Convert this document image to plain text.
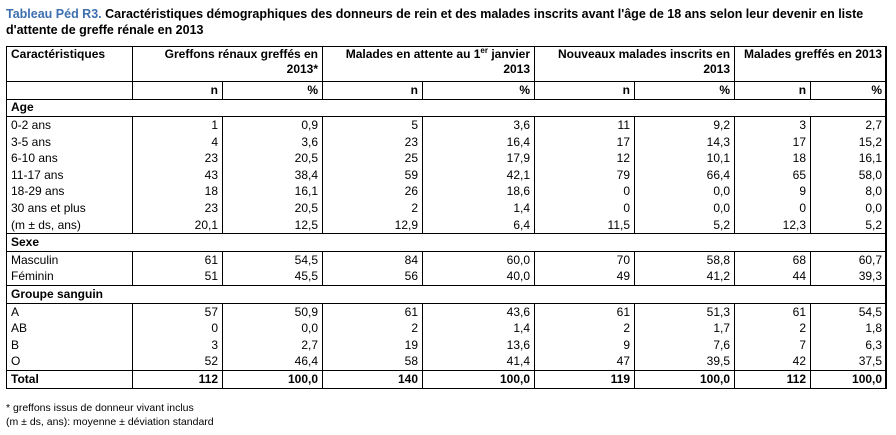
Tableau Péd R3. Caractéristiques démographiques des donneurs de rein et des malades inscrits avant l'âge de 18 ans selon leur devenir en liste d'attente de greffe rénale en 2013
Caractéristiques	Greffons rénaux greffés en 2013*		Malades en attente au 1er janvier 2013		Nouveaux malades inscrits en 2013		Malades greffés en 2013	
	n	%	n	%	n	%	n	%
Age								
0-2 ans	1	0,9	5	3,6	11	9,2	3	2,7
3-5 ans	4	3,6	23	16,4	17	14,3	17	15,2
6-10 ans	23	20,5	25	17,9	12	10,1	18	16,1
11-17 ans	43	38,4	59	42,1	79	66,4	65	58,0
18-29 ans	18	16,1	26	18,6	0	0,0	9	8,0
30 ans et plus	23	20,5	2	1,4	0	0,0	0	0,0
(m ± ds, ans)	20,1	12,5	12,9	6,4	11,5	5,2	12,3	5,2
Sexe								
Masculin	61	54,5	84	60,0	70	58,8	68	60,7
Féminin	51	45,5	56	40,0	49	41,2	44	39,3
Groupe sanguin								
A	57	50,9	61	43,6	61	51,3	61	54,5
AB	0	0,0	2	1,4	2	1,7	2	1,8
B	3	2,7	19	13,6	9	7,6	7	6,3
O	52	46,4	58	41,4	47	39,5	42	37,5
Total	112	100,0	140	100,0	119	100,0	112	100,0
* greffons issus de donneur vivant inclus
(m ± ds, ans): moyenne ± déviation standard
